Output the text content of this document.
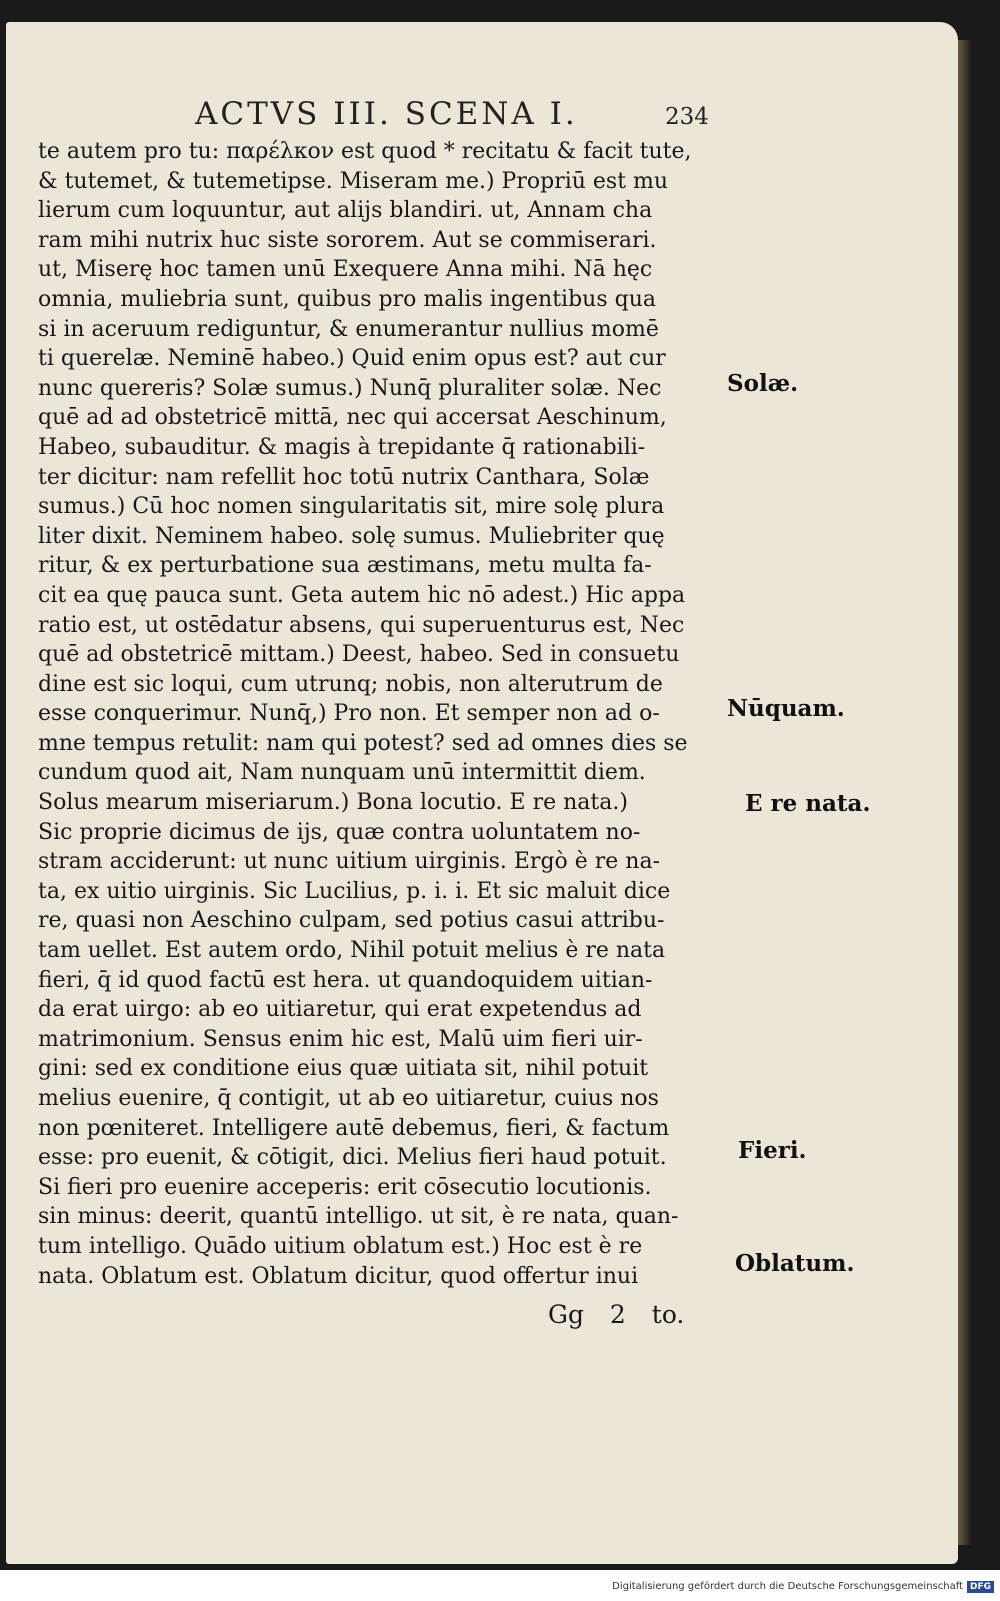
ACTVS III. SCENA I.	234
te autem pro tu: παρέλκον est quod * recitatu & facit tute,
& tutemet, & tutemetipse. Miseram me.) Propriū est mu
lierum cum loquuntur, aut alijs blandiri. ut, Annam cha
ram mihi nutrix huc siste sororem. Aut se commiserari.
ut, Miserę hoc tamen unū Exequere Anna mihi. Nā hęc
omnia, muliebria sunt, quibus pro malis ingentibus qua
si in aceruum rediguntur, & enumerantur nullius momē
ti querelæ. Neminē habeo.) Quid enim opus est? aut cur
nunc quereris? Solæ sumus.) Nunq̄ pluraliter solæ. Nec
quē ad ad obstetricē mittā, nec qui accersat Aeschinum,
Habeo, subauditur. & magis à trepidante q̄ rationabili-
ter dicitur: nam refellit hoc totū nutrix Canthara, Solæ
sumus.) Cū hoc nomen singularitatis sit, mire solę plura
liter dixit. Neminem habeo. solę sumus. Muliebriter quę
ritur, & ex perturbatione sua æstimans, metu multa fa-
cit ea quę pauca sunt. Geta autem hic nō adest.) Hic appa
ratio est, ut ostēdatur absens, qui superuenturus est, Nec
quē ad obstetricē mittam.) Deest, habeo. Sed in consuetu
dine est sic loqui, cum utrunq; nobis, non alterutrum de
esse conquerimur. Nunq̄,) Pro non. Et semper non ad o-
mne tempus retulit: nam qui potest? sed ad omnes dies se
cundum quod ait, Nam nunquam unū intermittit diem.
Solus mearum miseriarum.) Bona locutio. E re nata.)
Sic proprie dicimus de ijs, quæ contra uoluntatem no-
stram acciderunt: ut nunc uitium uirginis. Ergò è re na-
ta, ex uitio uirginis. Sic Lucilius, p. i. i. Et sic maluit dice
re, quasi non Aeschino culpam, sed potius casui attribu-
tam uellet. Est autem ordo, Nihil potuit melius è re nata
fieri, q̄ id quod factū est hera. ut quandoquidem uitian-
da erat uirgo: ab eo uitiaretur, qui erat expetendus ad
matrimonium. Sensus enim hic est, Malū uim fieri uir-
gini: sed ex conditione eius quæ uitiata sit, nihil potuit
melius euenire, q̄ contigit, ut ab eo uitiaretur, cuius nos
non pœniteret. Intelligere autē debemus, fieri, & factum
esse: pro euenit, & cōtigit, dici. Melius fieri haud potuit.
Si fieri pro euenire acceperis: erit cōsecutio locutionis.
sin minus: deerit, quantū intelligo. ut sit, è re nata, quan-
tum intelligo. Quādo uitium oblatum est.) Hoc est è re
nata. Oblatum est. Oblatum dicitur, quod offertur inui
Solæ.
Nūquam.
E re nata.
Fieri.
Oblatum.
Gg 2 to.
Digitalisierung gefördert durch die Deutsche Forschungsgemeinschaft DFG
